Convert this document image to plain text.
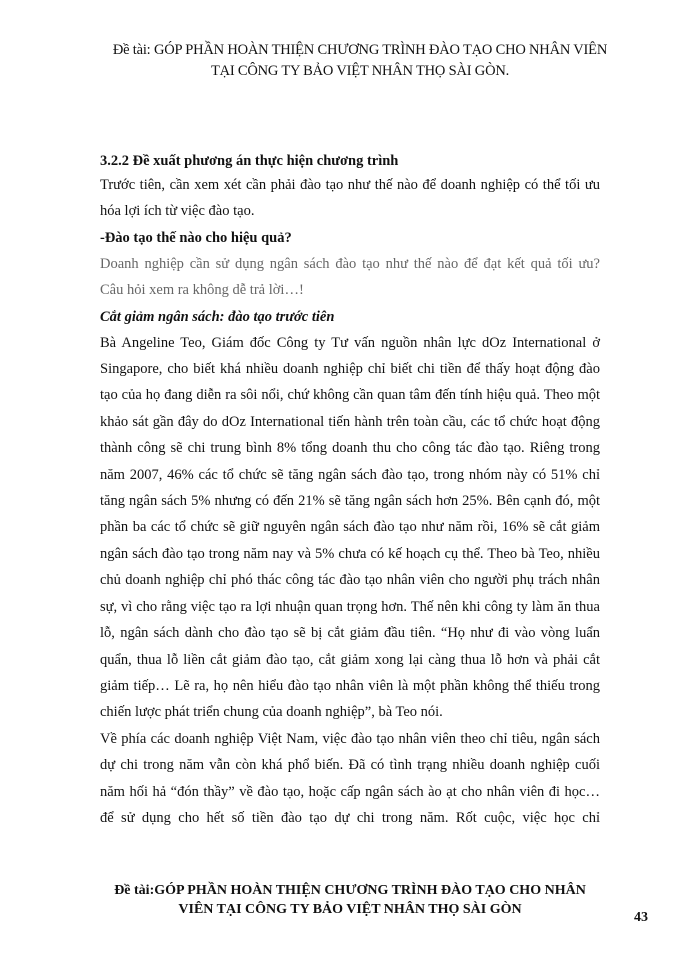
Đề tài: GÓP PHẦN HOÀN THIỆN CHƯƠNG TRÌNH ĐÀO TẠO CHO NHÂN VIÊN
TẠI CÔNG TY BẢO VIỆT NHÂN THỌ SÀI GÒN.

3.2.2 Đề xuất phương án thực hiện chương trình

Trước tiên, cần xem xét cần phải đào tạo như thế nào để doanh nghiệp có thể tối ưu

hóa lợi ích từ việc đào tạo.

-Đào tạo thế nào cho hiệu quả?

Doanh nghiệp cần sử dụng ngân sách đào tạo như thế nào để đạt kết quả tối ưu?

Câu hỏi xem ra không dễ trả lời…!

Cắt giảm ngân sách: đào tạo trước tiên

Bà Angeline Teo, Giám đốc Công ty Tư vấn nguồn nhân lực dOz International ở Singapore, cho biết khá nhiều doanh nghiệp chỉ biết chi tiền để thấy hoạt động đào tạo của họ đang diễn ra sôi nổi, chứ không cần quan tâm đến tính hiệu quả. Theo một khảo sát gần đây do dOz International tiến hành trên toàn cầu, các tổ chức hoạt động thành công sẽ chi trung bình 8% tổng doanh thu cho công tác đào tạo. Riêng trong năm 2007, 46% các tổ chức sẽ tăng ngân sách đào tạo, trong nhóm này có 51% chỉ tăng ngân sách 5% nhưng có đến 21% sẽ tăng ngân sách hơn 25%. Bên cạnh đó, một phần ba các tổ chức sẽ giữ nguyên ngân sách đào tạo như năm rồi, 16% sẽ cắt giảm ngân sách đào tạo trong năm nay và 5% chưa có kế hoạch cụ thể. Theo bà Teo, nhiều chủ doanh nghiệp chỉ phó thác công tác đào tạo nhân viên cho người phụ trách nhân sự, vì cho rằng việc tạo ra lợi nhuận quan trọng hơn. Thế nên khi công ty làm ăn thua lỗ, ngân sách dành cho đào tạo sẽ bị cắt giảm đầu tiên. “Họ như đi vào vòng luẩn quẩn, thua lỗ liền cắt giảm đào tạo, cắt giảm xong lại càng thua lỗ hơn và phải cắt giảm tiếp… Lẽ ra, họ nên hiểu đào tạo nhân viên là một phần không thể thiếu trong chiến lược phát triển chung của doanh nghiệp”, bà Teo nói.

Về phía các doanh nghiệp Việt Nam, việc đào tạo nhân viên theo chỉ tiêu, ngân sách dự chi trong năm vẫn còn khá phổ biến. Đã có tình trạng nhiều doanh nghiệp cuối năm hối hả “đón thầy” về đào tạo, hoặc cấp ngân sách ào ạt cho nhân viên đi học… để sử dụng cho hết số tiền đào tạo dự chi trong năm. Rốt cuộc, việc học chỉ

Đề tài:GÓP PHẦN HOÀN THIỆN CHƯƠNG TRÌNH ĐÀO TẠO CHO NHÂN
VIÊN TẠI CÔNG TY BẢO VIỆT NHÂN THỌ SÀI GÒN
43
